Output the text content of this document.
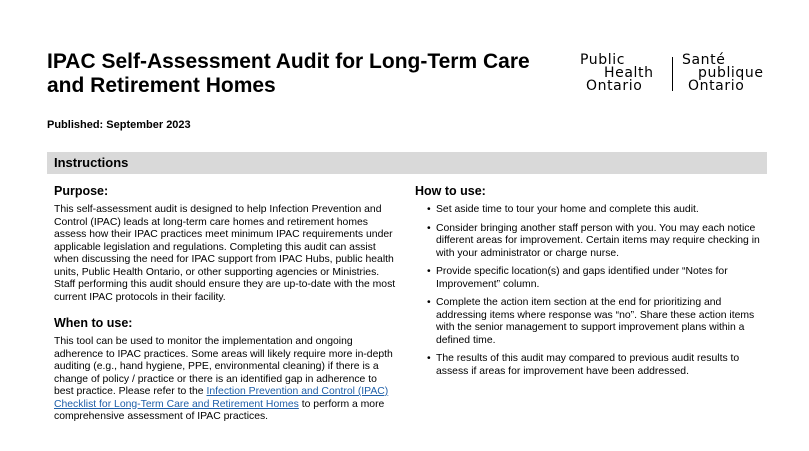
IPAC Self-Assessment Audit for Long-Term Care and Retirement Homes
Public
Health
Ontario
Santé
publique
Ontario
Published: September 2023
Instructions
Purpose:

This self-assessment audit is designed to help Infection Prevention and Control (IPAC) leads at long-term care homes and retirement homes assess how their IPAC practices meet minimum IPAC requirements under applicable legislation and regulations. Completing this audit can assist when discussing the need for IPAC support from IPAC Hubs, public health units, Public Health Ontario, or other supporting agencies or Ministries. Staff performing this audit should ensure they are up-to-date with the most current IPAC protocols in their facility.

When to use:

This tool can be used to monitor the implementation and ongoing adherence to IPAC practices. Some areas will likely require more in-depth auditing (e.g., hand hygiene, PPE, environmental cleaning) if there is a change of policy / practice or there is an identified gap in adherence to best practice. Please refer to the Infection Prevention and Control (IPAC) Checklist for Long-Term Care and Retirement Homes to perform a more comprehensive assessment of IPAC practices.

How to use:
• Set aside time to tour your home and complete this audit.
• Consider bringing another staff person with you. You may each notice different areas for improvement. Certain items may require checking in with your administrator or charge nurse.
• Provide specific location(s) and gaps identified under “Notes for Improvement” column.
• Complete the action item section at the end for prioritizing and addressing items where response was “no”. Share these action items with the senior management to support improvement plans within a defined time.
• The results of this audit may compared to previous audit results to assess if areas for improvement have been addressed.
